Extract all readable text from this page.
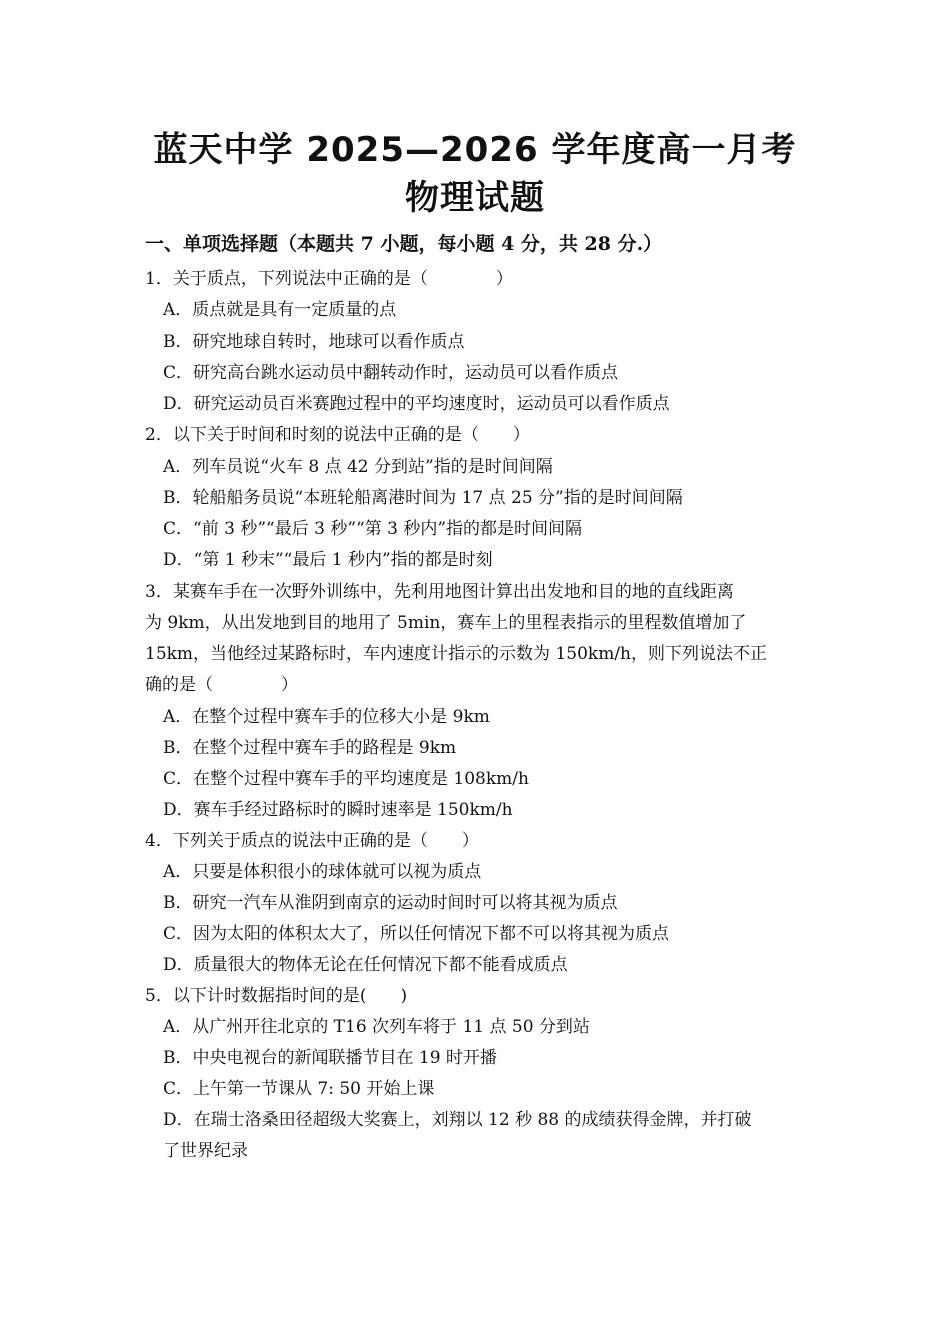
蓝天中学 2025—2026 学年度高一月考
物理试题
一、单项选择题（本题共 7 小题，每小题 4 分，共 28 分.）
1．关于质点，下列说法中正确的是（　　　　）
A．质点就是具有一定质量的点
B．研究地球自转时，地球可以看作质点
C．研究高台跳水运动员中翻转动作时，运动员可以看作质点
D．研究运动员百米赛跑过程中的平均速度时，运动员可以看作质点
2．以下关于时间和时刻的说法中正确的是（　　）
A．列车员说“火车 8 点 42 分到站”指的是时间间隔
B．轮船船务员说“本班轮船离港时间为 17 点 25 分”指的是时间间隔
C．“前 3 秒”“最后 3 秒”“第 3 秒内”指的都是时间间隔
D．“第 1 秒末”“最后 1 秒内”指的都是时刻
3．某赛车手在一次野外训练中，先利用地图计算出出发地和目的地的直线距离
为 9km，从出发地到目的地用了 5min，赛车上的里程表指示的里程数值增加了
15km，当他经过某路标时，车内速度计指示的示数为 150km/h，则下列说法不正
确的是（　　　　）
A．在整个过程中赛车手的位移大小是 9km
B．在整个过程中赛车手的路程是 9km
C．在整个过程中赛车手的平均速度是 108km/h
D．赛车手经过路标时的瞬时速率是 150km/h
4．下列关于质点的说法中正确的是（　　）
A．只要是体积很小的球体就可以视为质点
B．研究一汽车从淮阴到南京的运动时间时可以将其视为质点
C．因为太阳的体积太大了，所以任何情况下都不可以将其视为质点
D．质量很大的物体无论在任何情况下都不能看成质点
5．以下计时数据指时间的是(　　)
A．从广州开往北京的 T16 次列车将于 11 点 50 分到站
B．中央电视台的新闻联播节目在 19 时开播
C．上午第一节课从 7: 50 开始上课
D．在瑞士洛桑田径超级大奖赛上，刘翔以 12 秒 88 的成绩获得金牌，并打破
了世界纪录
